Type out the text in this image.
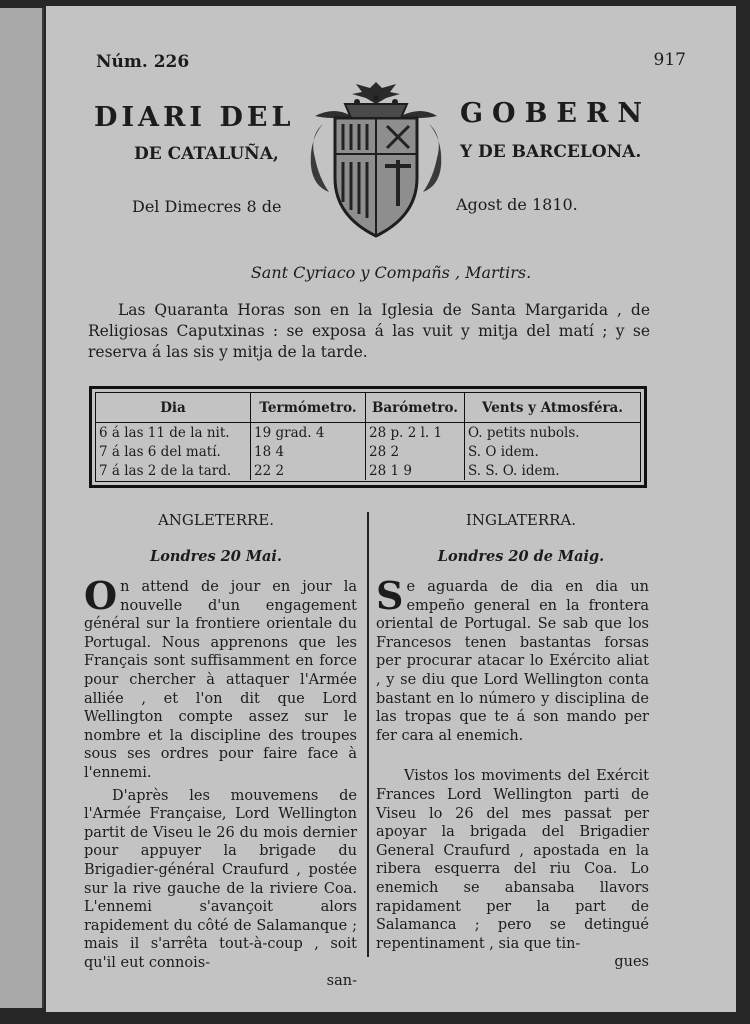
Núm. 226	917
DIARI DEL	GOBERN
DE CATALUÑA,	Y DE BARCELONA.
Del Dimecres 8 de	Agost de 1810.
Sant Cyriaco y Compañs , Martirs.
Las Quaranta Horas son en la Iglesia de Santa Margarida , de Religiosas Caputxinas : se exposa á las vuit y mitja del matí ; y se reserva á las sis y mitja de la tarde.
Dia	Termómetro.	Barómetro.	Vents y Atmosféra.
6 á las 11 de la nit.	19 grad. 4	28 p. 2 l. 1	O. petits nubols.
7 á las 6 del matí.	18 4	28 2	S. O idem.
7 á las 2 de la tard.	22 2	28 1 9	S. S. O. idem.
ANGLETERRE.
Londres 20 Mai.

On attend de jour en jour la nouvelle d'un engagement général sur la frontiere orientale du Portugal. Nous apprenons que les Français sont suffisamment en force pour chercher à attaquer l'Armée alliée , et l'on dit que Lord Wellington compte assez sur le nombre et la discipline des troupes sous ses ordres pour faire face à l'ennemi.

D'après les mouvemens de l'Armée Française, Lord Wellington partit de Viseu le 26 du mois dernier pour appuyer la brigade du Brigadier-général Craufurd , postée sur la rive gauche de la riviere Coa. L'ennemi s'avançoit alors rapidement du côté de Salamanque ; mais il s'arrêta tout-à-coup , soit qu'il eut connois-

san-

INGLATERRA.
Londres 20 de Maig.

Se aguarda de dia en dia un empeño general en la frontera oriental de Portugal. Se sab que los Francesos tenen bastantas forsas per procurar atacar lo Exército aliat , y se diu que Lord Wellington conta bastant en lo número y disciplina de las tropas que te á son mando per fer cara al enemich.

Vistos los moviments del Exércit Frances Lord Wellington parti de Viseu lo 26 del mes passat per apoyar la brigada del Brigadier General Craufurd , apostada en la ribera esquerra del riu Coa. Lo enemich se abansaba llavors rapidament per la part de Salamanca ; pero se detingué repentinament , sia que tin-

gues
